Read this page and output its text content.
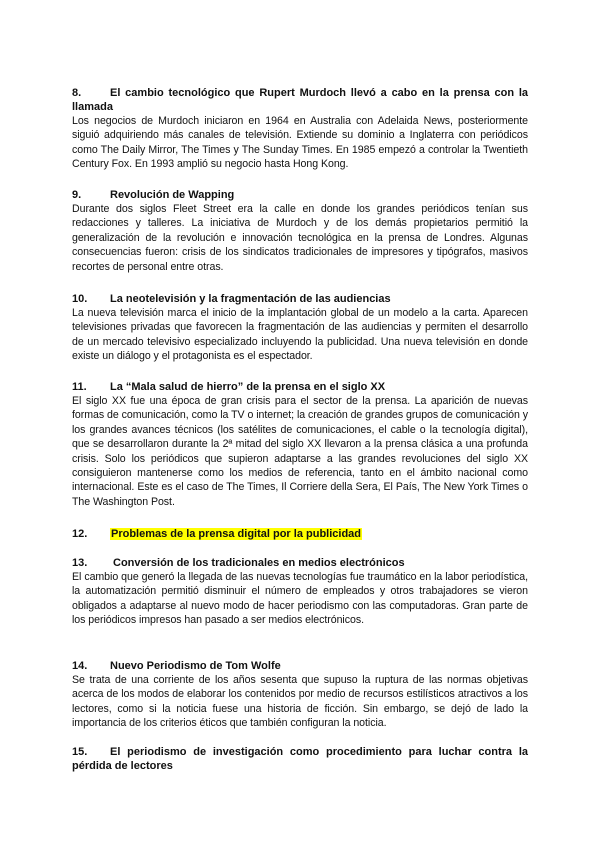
8.	El cambio tecnológico que Rupert Murdoch llevó a cabo en la prensa con la llamada

Los negocios de Murdoch iniciaron en 1964 en Australia con Adelaida News, posteriormente siguió adquiriendo más canales de televisión. Extiende su dominio a Inglaterra con periódicos como The Daily Mirror, The Times y The Sunday Times. En 1985 empezó a controlar la Twentieth Century Fox. En 1993 amplió su negocio hasta Hong Kong.

9.	Revolución de Wapping

Durante dos siglos Fleet Street era la calle en donde los grandes periódicos tenían sus redacciones y talleres. La iniciativa de Murdoch y de los demás propietarios permitió la generalización de la revolución e innovación tecnológica en la prensa de Londres. Algunas consecuencias fueron: crisis de los sindicatos tradicionales de impresores y tipógrafos, masivos recortes de personal entre otras.

10.	La neotelevisión y la fragmentación de las audiencias

La nueva televisión marca el inicio de la implantación global de un modelo a la carta. Aparecen televisiones privadas que favorecen la fragmentación de las audiencias y permiten el desarrollo de un mercado televisivo especializado incluyendo la publicidad. Una nueva televisión en donde existe un diálogo y el protagonista es el espectador.

11.	La “Mala salud de hierro” de la prensa en el siglo XX

El siglo XX fue una época de gran crisis para el sector de la prensa. La aparición de nuevas formas de comunicación, como la TV o internet; la creación de grandes grupos de comunicación y los grandes avances técnicos (los satélites de comunicaciones, el cable o la tecnología digital), que se desarrollaron durante la 2ª mitad del siglo XX llevaron a la prensa clásica a una profunda crisis. Solo los periódicos que supieron adaptarse a las grandes revoluciones del siglo XX consiguieron mantenerse como los medios de referencia, tanto en el ámbito nacional como internacional. Este es el caso de The Times, Il Corriere della Sera, El País, The New York Times o The Washington Post.

12.	Problemas de la prensa digital por la publicidad

13.	Conversión de los tradicionales en medios electrónicos

El cambio que generó la llegada de las nuevas tecnologías fue traumático en la labor periodística, la automatización permitió disminuir el número de empleados y otros trabajadores se vieron obligados a adaptarse al nuevo modo de hacer periodismo con las computadoras. Gran parte de los periódicos impresos han pasado a ser medios electrónicos.

14.	Nuevo Periodismo de Tom Wolfe

Se trata de una corriente de los años sesenta que supuso la ruptura de las normas objetivas acerca de los modos de elaborar los contenidos por medio de recursos estilísticos atractivos a los lectores, como si la noticia fuese una historia de ficción. Sin embargo, se dejó de lado la importancia de los criterios éticos que también configuran la noticia.

15. El periodismo de investigación como procedimiento para luchar contra la pérdida de lectores
